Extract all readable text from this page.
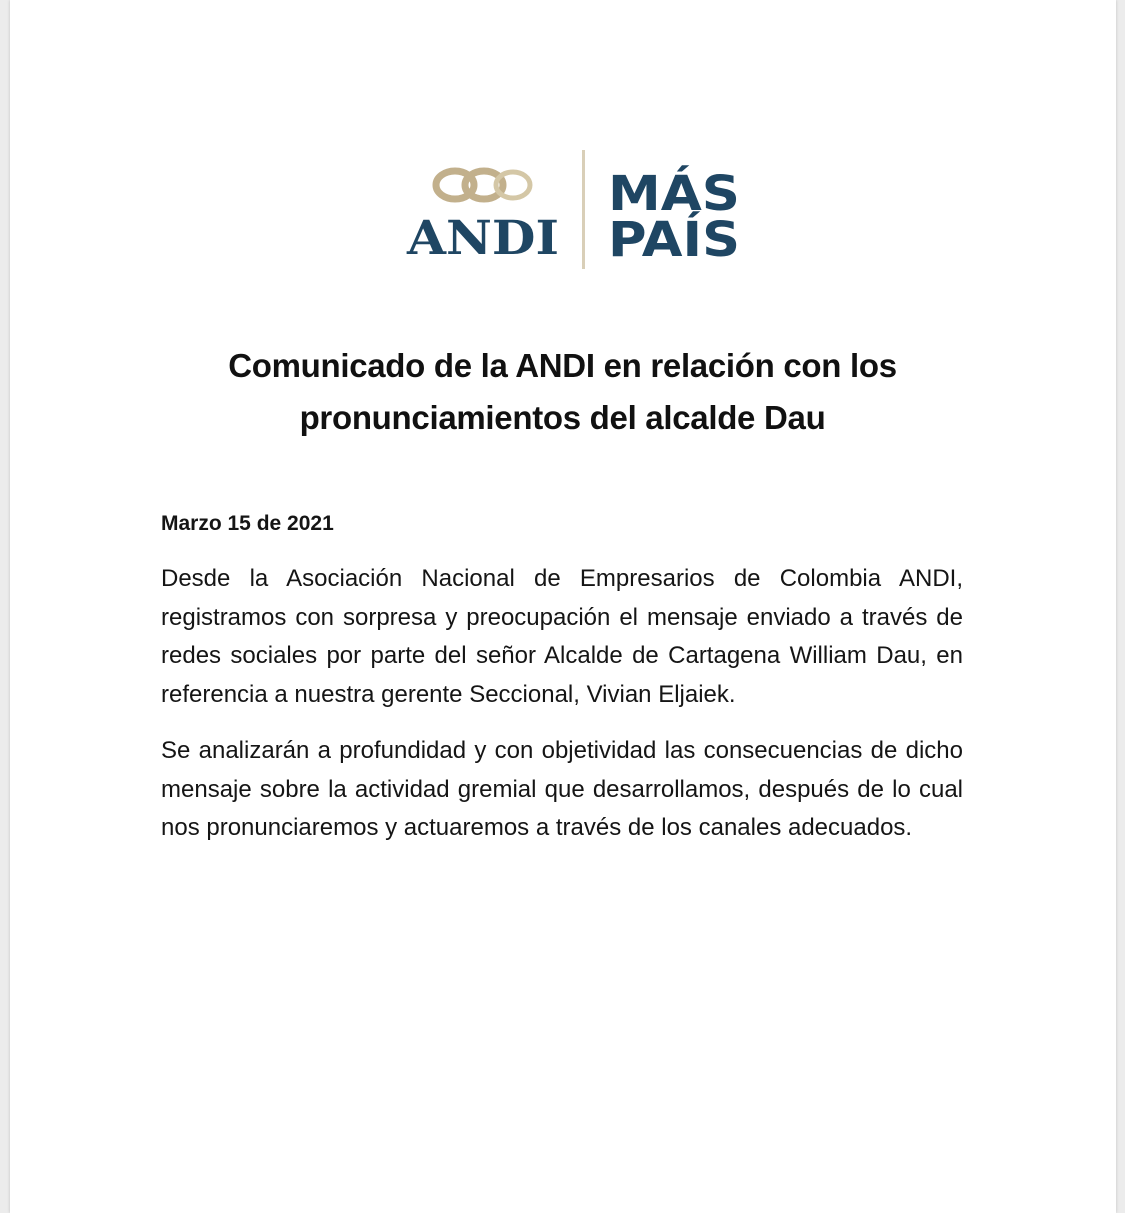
ANDI
MÁS
PAÍS
Comunicado de la ANDI en relación con los
pronunciamientos del alcalde Dau

Marzo 15 de 2021

Desde la Asociación Nacional de Empresarios de Colombia ANDI, registramos con sorpresa y preocupación el mensaje enviado a través de redes sociales por parte del señor Alcalde de Cartagena William Dau, en referencia a nuestra gerente Seccional, Vivian Eljaiek.

Se analizarán a profundidad y con objetividad las consecuencias de dicho mensaje sobre la actividad gremial que desarrollamos, después de lo cual nos pronunciaremos y actuaremos a través de los canales adecuados.
